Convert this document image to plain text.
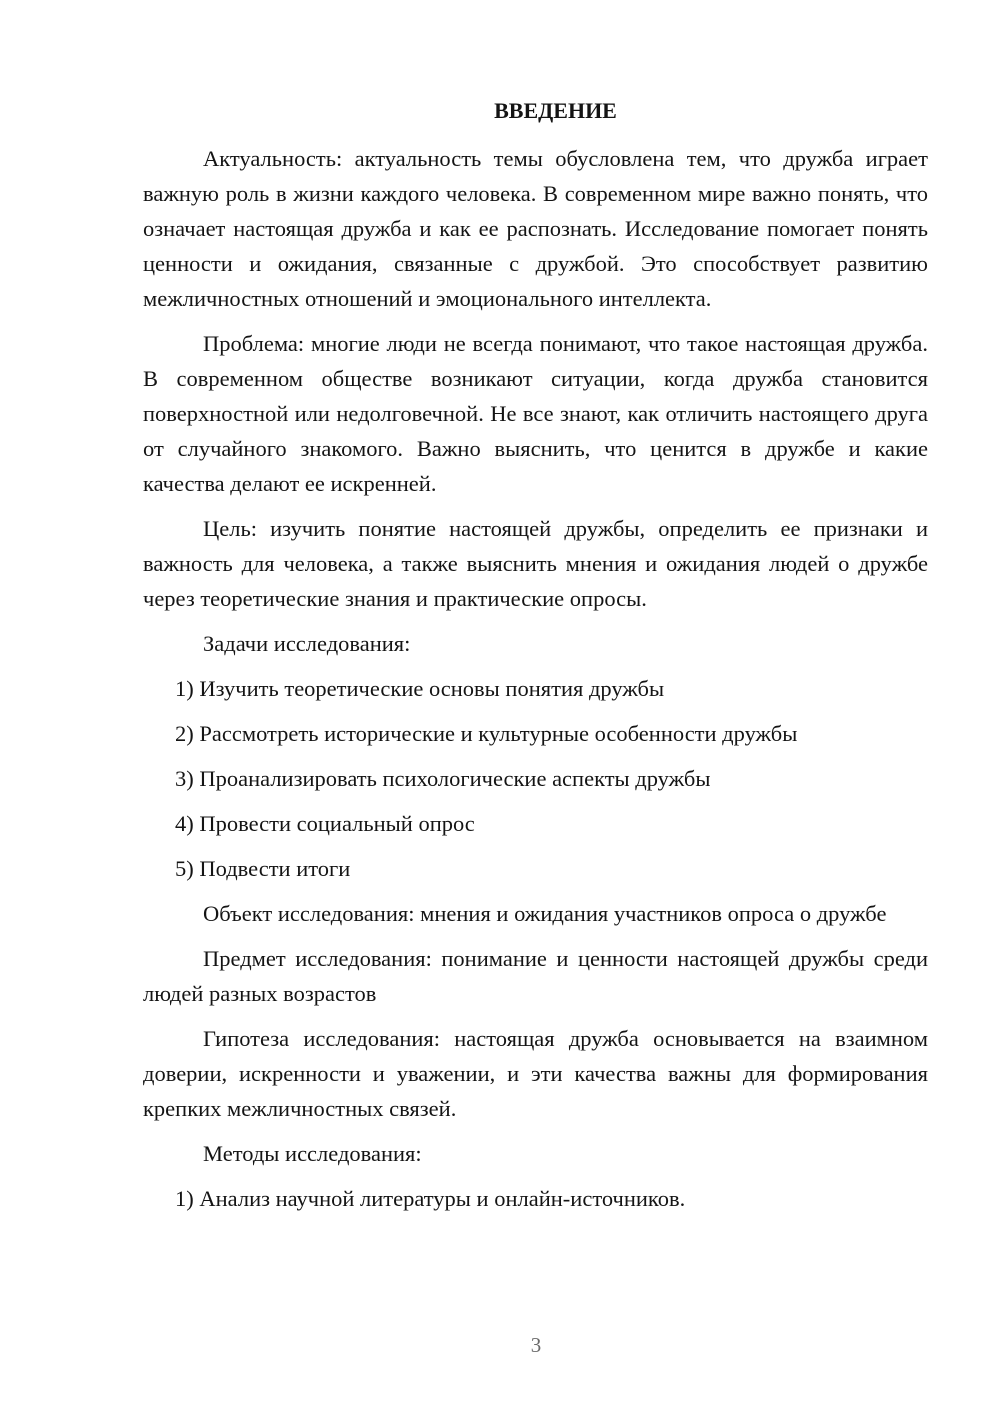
ВВЕДЕНИЕ

Актуальность: актуальность темы обусловлена тем, что дружба играет важную роль в жизни каждого человека. В современном мире важно понять, что означает настоящая дружба и как ее распознать. Исследование помогает понять ценности и ожидания, связанные с дружбой. Это способствует развитию межличностных отношений и эмоционального интеллекта.

Проблема: многие люди не всегда понимают, что такое настоящая дружба. В современном обществе возникают ситуации, когда дружба становится поверхностной или недолговечной. Не все знают, как отличить настоящего друга от случайного знакомого. Важно выяснить, что ценится в дружбе и какие качества делают ее искренней.

Цель: изучить понятие настоящей дружбы, определить ее признаки и важность для человека, а также выяснить мнения и ожидания людей о дружбе через теоретические знания и практические опросы.

Задачи исследования:
1) Изучить теоретические основы понятия дружбы
2) Рассмотреть исторические и культурные особенности дружбы
3) Проанализировать психологические аспекты дружбы
4) Провести социальный опрос
5) Подвести итоги

Объект исследования: мнения и ожидания участников опроса о дружбе

Предмет исследования: понимание и ценности настоящей дружбы среди людей разных возрастов

Гипотеза исследования: настоящая дружба основывается на взаимном доверии, искренности и уважении, и эти качества важны для формирования крепких межличностных связей.

Методы исследования:
1) Анализ научной литературы и онлайн-источников.
3
